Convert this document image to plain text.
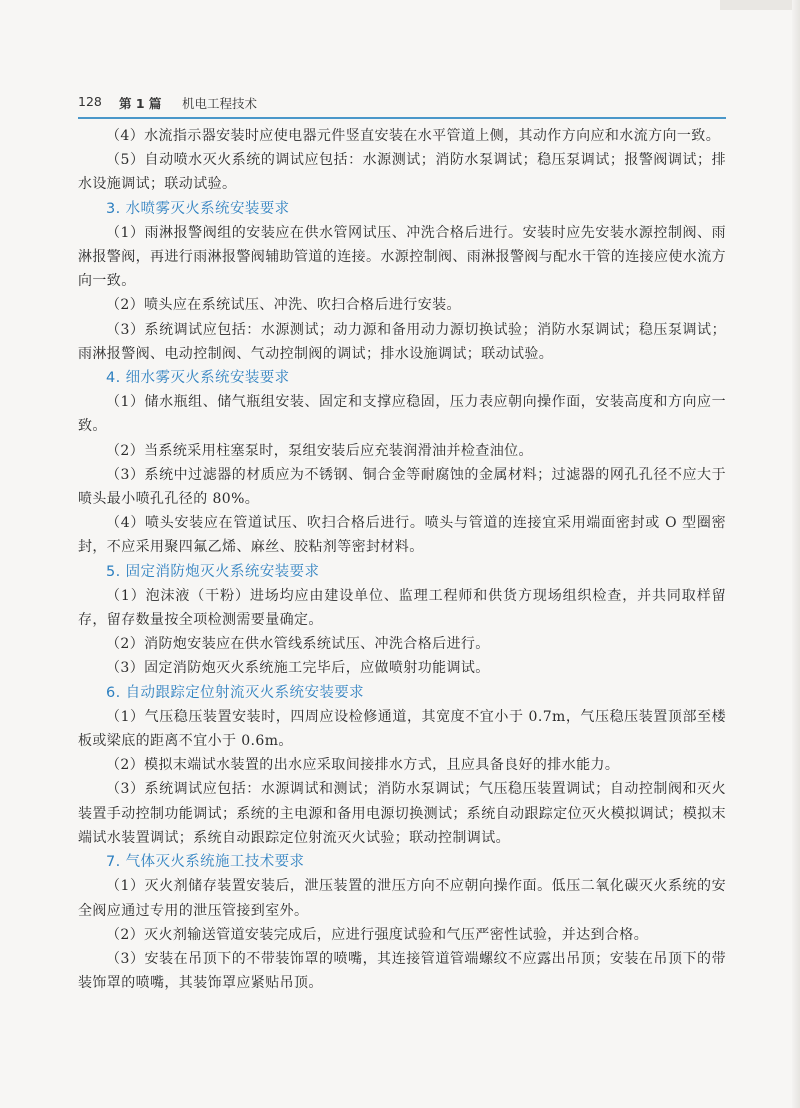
128 第 1 篇 机电工程技术

（4）水流指示器安装时应使电器元件竖直安装在水平管道上侧，其动作方向应和水流方向一致。

（5）自动喷水灭火系统的调试应包括：水源测试；消防水泵调试；稳压泵调试；报警阀调试；排水设施调试；联动试验。

3. 水喷雾灭火系统安装要求

（1）雨淋报警阀组的安装应在供水管网试压、冲洗合格后进行。安装时应先安装水源控制阀、雨淋报警阀，再进行雨淋报警阀辅助管道的连接。水源控制阀、雨淋报警阀与配水干管的连接应使水流方向一致。

（2）喷头应在系统试压、冲洗、吹扫合格后进行安装。

（3）系统调试应包括：水源测试；动力源和备用动力源切换试验；消防水泵调试；稳压泵调试；雨淋报警阀、电动控制阀、气动控制阀的调试；排水设施调试；联动试验。

4. 细水雾灭火系统安装要求

（1）储水瓶组、储气瓶组安装、固定和支撑应稳固，压力表应朝向操作面，安装高度和方向应一致。

（2）当系统采用柱塞泵时，泵组安装后应充装润滑油并检查油位。

（3）系统中过滤器的材质应为不锈钢、铜合金等耐腐蚀的金属材料；过滤器的网孔孔径不应大于喷头最小喷孔孔径的 80%。

（4）喷头安装应在管道试压、吹扫合格后进行。喷头与管道的连接宜采用端面密封或 O 型圈密封，不应采用聚四氟乙烯、麻丝、胶粘剂等密封材料。

5. 固定消防炮灭火系统安装要求

（1）泡沫液（干粉）进场均应由建设单位、监理工程师和供货方现场组织检查，并共同取样留存，留存数量按全项检测需要量确定。

（2）消防炮安装应在供水管线系统试压、冲洗合格后进行。

（3）固定消防炮灭火系统施工完毕后，应做喷射功能调试。

6. 自动跟踪定位射流灭火系统安装要求

（1）气压稳压装置安装时，四周应设检修通道，其宽度不宜小于 0.7m，气压稳压装置顶部至楼板或梁底的距离不宜小于 0.6m。

（2）模拟末端试水装置的出水应采取间接排水方式，且应具备良好的排水能力。

（3）系统调试应包括：水源调试和测试；消防水泵调试；气压稳压装置调试；自动控制阀和灭火装置手动控制功能调试；系统的主电源和备用电源切换测试；系统自动跟踪定位灭火模拟调试；模拟末端试水装置调试；系统自动跟踪定位射流灭火试验；联动控制调试。

7. 气体灭火系统施工技术要求

（1）灭火剂储存装置安装后，泄压装置的泄压方向不应朝向操作面。低压二氧化碳灭火系统的安全阀应通过专用的泄压管接到室外。

（2）灭火剂输送管道安装完成后，应进行强度试验和气压严密性试验，并达到合格。

（3）安装在吊顶下的不带装饰罩的喷嘴，其连接管道管端螺纹不应露出吊顶；安装在吊顶下的带装饰罩的喷嘴，其装饰罩应紧贴吊顶。
